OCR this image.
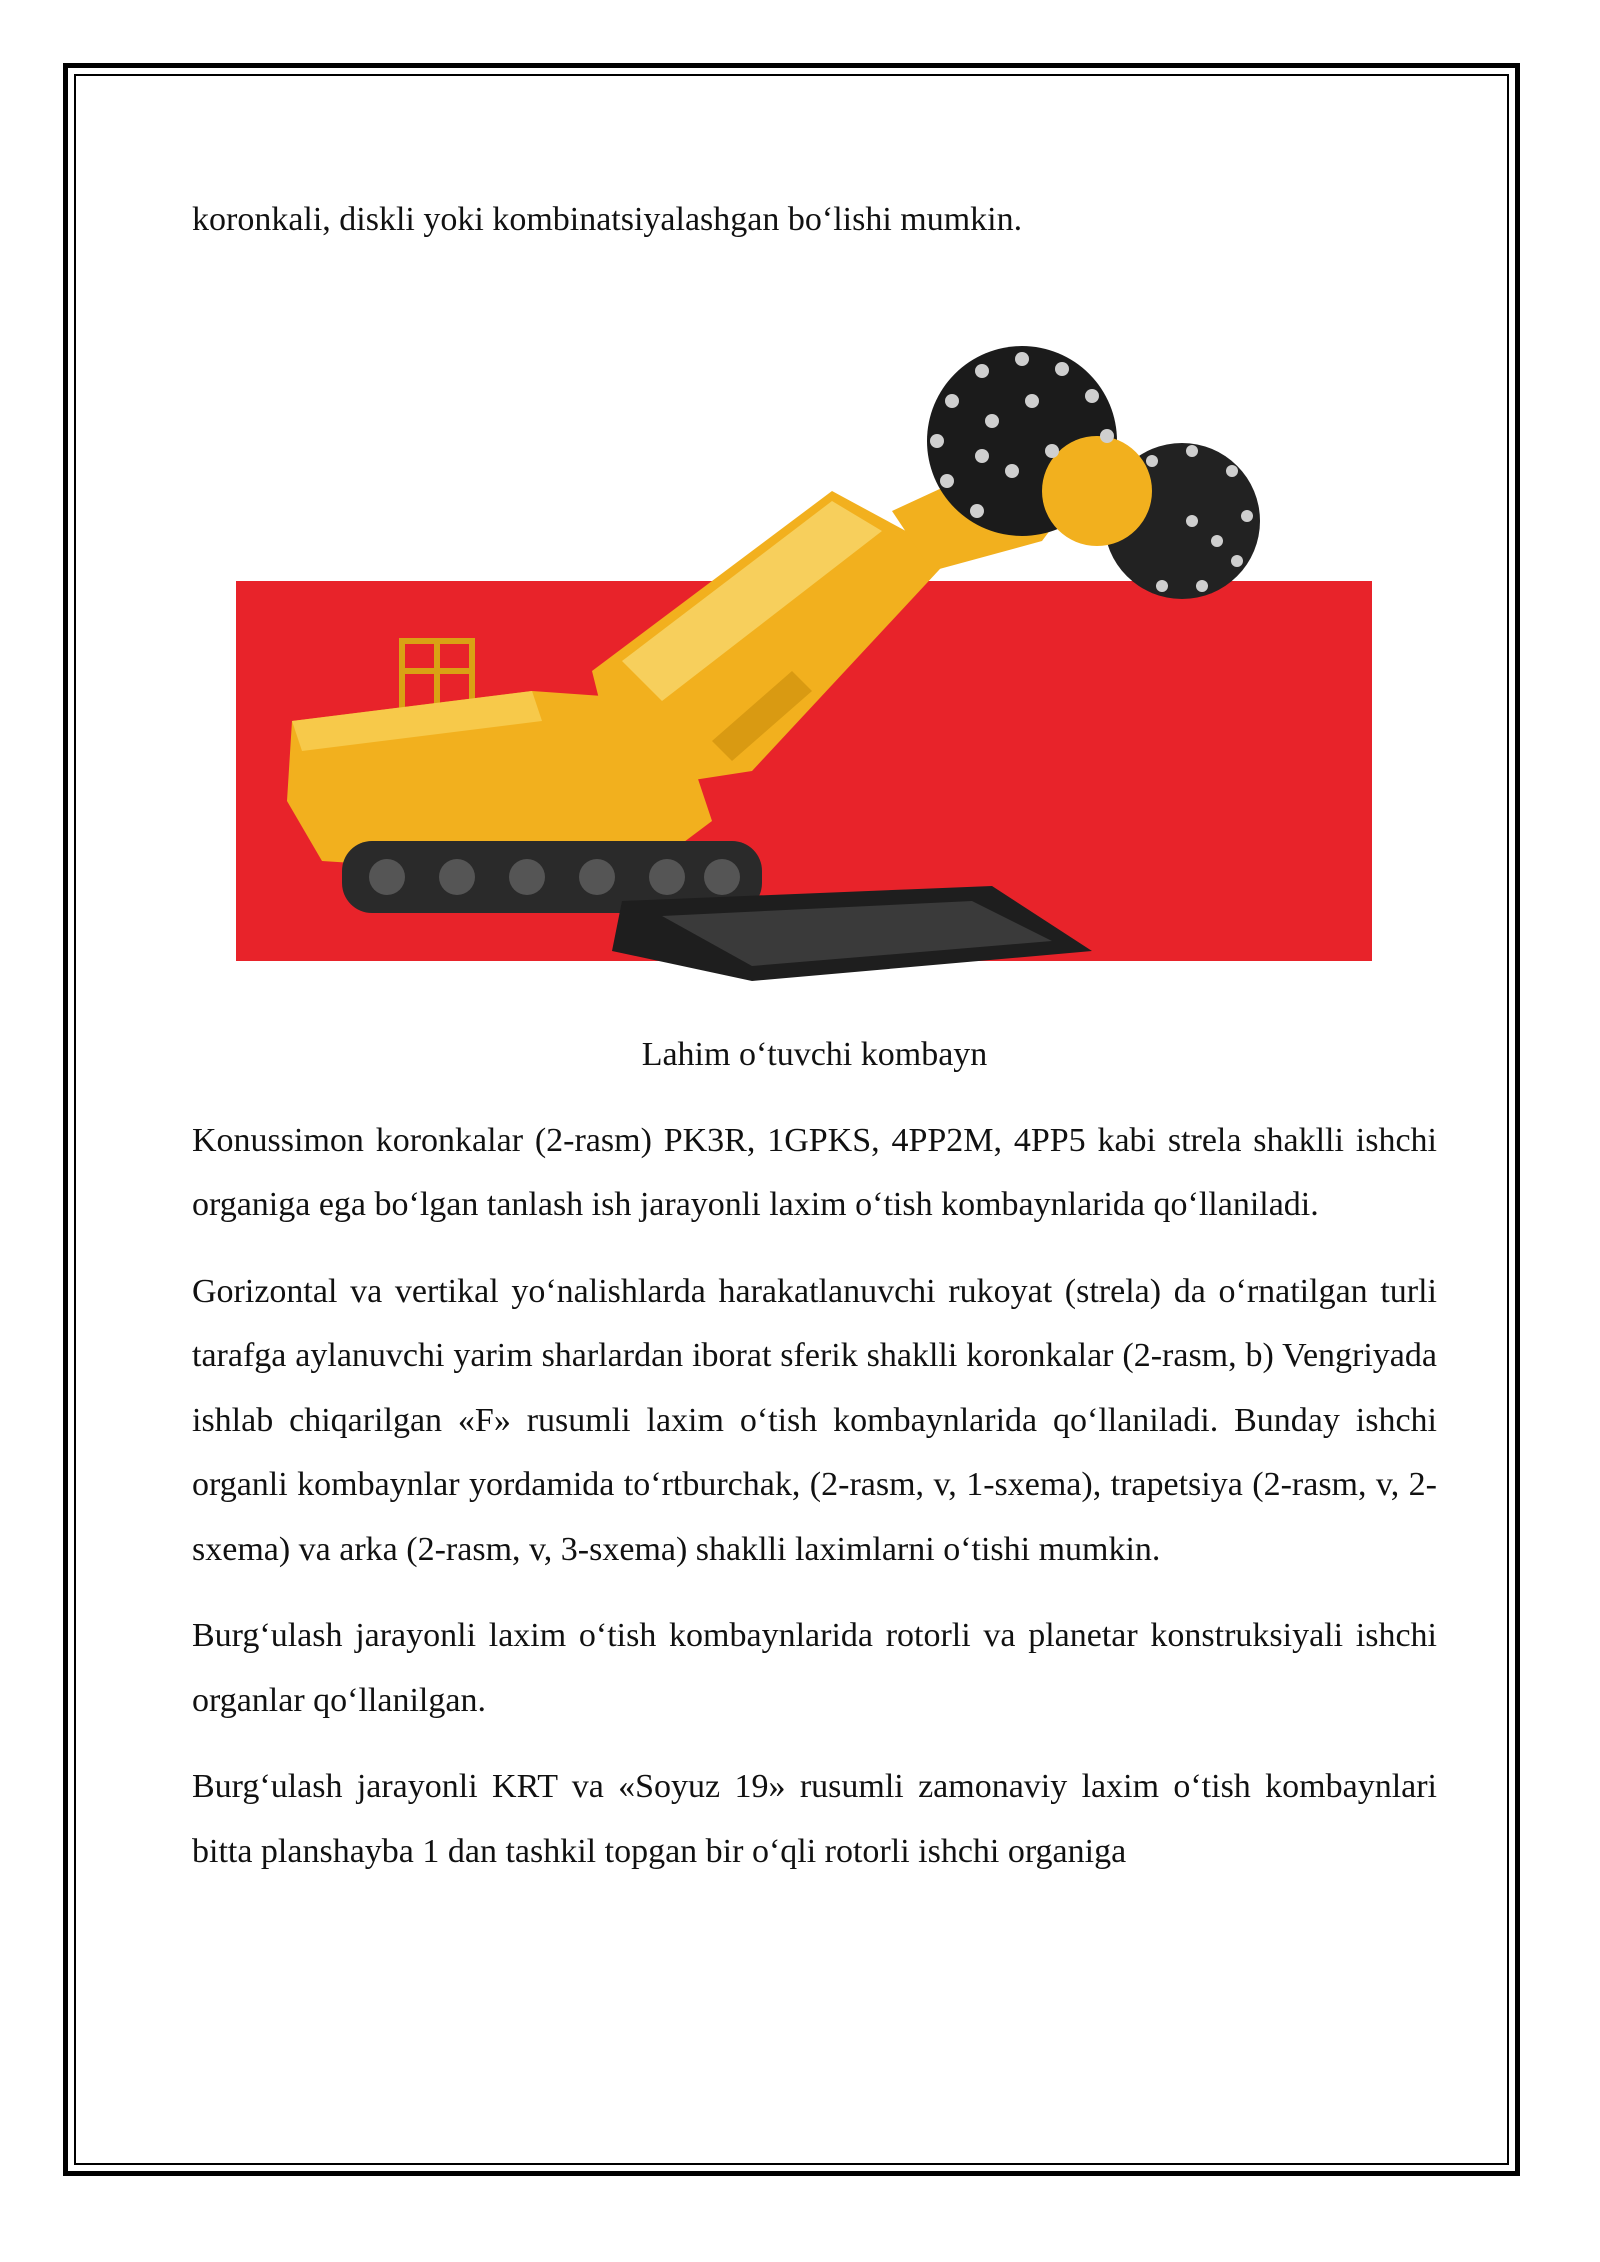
koronkali, diskli yoki kombinatsiyalashgan bo‘lishi mumkin.

Lahim o‘tuvchi kombayn

Konussimon koronkalar (2-rasm) PK3R, 1GPKS, 4PP2M, 4PP5 kabi strela shaklli ishchi organiga ega bo‘lgan tanlash ish jarayonli laxim o‘tish kombaynlarida qo‘llaniladi.

Gorizontal va vertikal yo‘nalishlarda harakatlanuvchi rukoyat (strela) da o‘rnatilgan turli tarafga aylanuvchi yarim sharlardan iborat sferik shaklli koronkalar (2-rasm, b) Vengriyada ishlab chiqarilgan «F» rusumli laxim o‘tish kombaynlarida qo‘llaniladi. Bunday ishchi organli kombaynlar yordamida to‘rtburchak, (2-rasm, v, 1-sxema), trapetsiya (2-rasm, v, 2-sxema) va arka (2-rasm, v, 3-sxema) shaklli laximlarni o‘tishi mumkin.

Burg‘ulash jarayonli laxim o‘tish kombaynlarida rotorli va planetar konstruksiyali ishchi organlar qo‘llanilgan.

Burg‘ulash jarayonli KRT va «Soyuz 19» rusumli zamonaviy laxim o‘tish kombaynlari bitta planshayba 1 dan tashkil topgan bir o‘qli rotorli ishchi organiga
